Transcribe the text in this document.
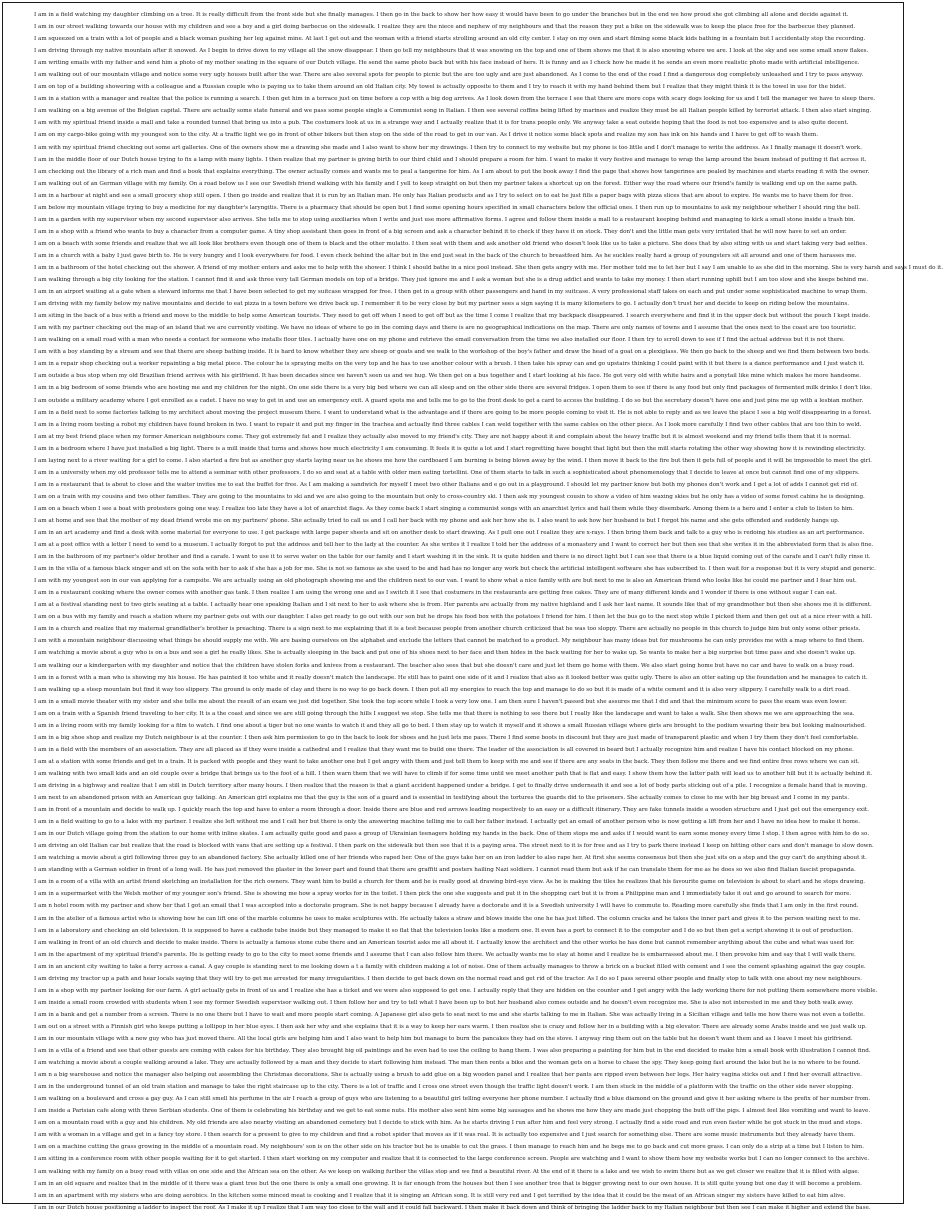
I am in a field watching my daughter climbing on a tree. It is really difficult from the front side but she finally manages. I then go in the back to show her how easy it would have been to go under the branches but in the end we how proud she got climbing all alone and decide against it.
I am in our street walking towards our house with my children and see a boy and a girl doing barbecue on the sidewalk. I realize they are the niece and nephew of my neighbours and that the reason they put a bike on the sidewalk was to keep the place free for the barbecue they planned.
I am squeezed on a train with a lot of people and a black woman pushing her leg against mine. At last I get out and the woman with a friend starts strolling around an old city center. I stay on my own and start filming some black kids bathing in a fountain but I accidentally stop the recording.
I am driving through my native mountain after it snowed. As I begin to drive down to my village all the snow disappear. I then go tell my neighbours that it was snowing on the top and one of them shows me that it is also snowing where we are. I look at the sky and see some small snow flakes.
I am writing emails with my father and send him a photo of my mother seating in the square of our Dutch village. He send the same photo back but with his face instead of hers. It is funny and as I check how he made it he sends an even more realistic photo made with artificial intelligence.
I am walking out of our mountain village and notice some very ugly houses built after the war. There are also several spots for people to picnic but the are too ugly and are just abandoned. As I come to the end of the road I find a dangerous dog completely unleashed and I try to pass anyway.
I am on top of a building showering with a colleague and a Russian couple who is paying us to take them around an old Italian city. My towel is actually opposite to them and I try to reach it with my hand behind them but I realize that they might think it is the towel in use for the bidet.
I am in a station with a manager and realize that the police is running a search. I then get him in a terrace just on time before a cop with a big dog arrives. As I look down from the terrace I see that there are more cops with scary dogs looking for us and I tell the manager we have to sleep there.
I am walking on a big avenue of the Belgian capital. There are actually some state funeral and we pass some people single a Communist song in Italian. I then see several coffins being lifted by marines and realize they must be all Italian people killed by terrorist attack. I then also start singing.
I am with my spiritual friend inside a mall and take a rounded tunnel that bring us into a pub. The costumers look at us in a strange way and I actually realize that it is for trans people only. We anyway take a seat outside hoping that the food is not too expensive and is also quite decent.
I am on my cargo-bike going with my youngest son to the city. At a traffic light we go in front of other bikers but then stop on the side of the road to get in our van. As I drive it notice some black spots and realize my son has ink on his hands and I have to get off to wash them.
I am with my spiritual friend checking out some art galleries. One of the owners show me a drawing she made and I also want to show her my drawings. I then try to connect to my website but my phone is too little and I don't manage to write the address. As I finally manage it doesn't work.
I am in the middle floor of our Dutch house trying to fix a lamp with many lights. I then realize that my partner is giving birth to our third child and I should prepare a room for him. I want to make it very festive and manage to wrap the lamp around the beam instead of putting it flat across it.
I am checking out the library of a rich man and find a book that explains everything. The owner actually comes and wants me to peal a tangerine for him. As I am about to put the book away I find the page that shows how tangerines are pealed by machines and starts reading it with the owner.
I am walking out of an German village with my family. On a road below us I see our Swedish friend walking with his family and I yell to keep straight on but then my partner takes a shortcut up on the forest. Either way the road where our friend's family is walking end up on the same path.
I am in a harbour at night and see a small grocery shop still open. I then go inside and realize that it is run by an Italian man. He only has Italian products and as I try to select on to eat he just fills a paper bags with pizza slices that are about to expire. He wants me to have them for free.
I am below my mountain village trying to buy a medicine for my daughter's laryngitis. There is a pharmacy that should be open but I find some opening hours specified in small characters below the official ones. I then run up to mountains to ask my neighbour whether I should ring the bell.
I am in a garden with my supervisor when my second supervisor also arrives. She tells me to stop using auxiliaries when I write and just use more affirmative forms. I agree and follow them inside a mall to a restaurant keeping behind and managing to kick a small stone inside a trash bin.
I am in a shop with a friend who wants to buy a character from a computer game. A tiny shop assistant then goes in front of a big screen and ask a character behind it to check if they have it on stock. They don't and the little man gets very irritated that he will now have to set an order.
I am on a beach with some friends and realize that we all look like brothers even though one of them is black and the other mulatto. I then seat with them and ask another old friend who doesn't look like us to take a picture. She does that by also siting with us and start taking very bad selfies.
I am in a church with a baby I just gave birth to. He is very hungry and I look everywhere for food. I even check behind the altar but in the end just seat in the back of the church to breastfeed him. As he suckles really hard a group of youngsters sit all around and one of them harasses me.
I am in a bathroom of the hotel checking out the shower. A friend of my mother enters and asks me to help with the shower. I think I should bathe in a nice pool instead. She then gets angry with me. Her mother told me to let her but I say I am unable to as she did in the morning. She is very harsh and says I must do it.
I am walking through a big city looking for the station. I cannot find it and ask three very tall German models on top of a bridge. They just ignore me and I ask a woman but she is a drug addict and wants to take my money. I then start running uphill but I am too slow and she keeps behind me.
I am in an airport waiting at a gate when a steward informs me that I have been selected to get my suitcase wrapped for free. I then get in a group with other passengers and hand in my suitcase. A very professional staff takes on each and put under some sophisticated machine to wrap them.
I am driving with my family below my native mountains and decide to eat pizza in a town before we drive back up. I remember it to be very close by but my partner sees a sign saying it is many kilometers to go. I actually don't trust her and decide to keep on riding below the mountains.
I am siting in the back of a bus with a friend and move to the middle to help some American tourists. They need to get off when I need to get off but as the time I come I realize that my backpack disappeared. I search everywhere and find it in the upper deck but without the pouch I kept inside.
I am with my partner checking out the map of an island that we are currently visiting. We have no ideas of where to go in the coming days and there is are no geographical indications on the map. There are only names of towns and I assume that the ones next to the coast are too touristic.
I am walking on a small road with a man who needs a contact for someone who installs floor tiles. I actually have one on my phone and retrieve the email conversation from the time we also installed our floor. I then try to scroll down to see if I find the actual address but it is not there.
I am with a boy standing by a stream and see that there are sheep bathing inside. It is hard to know whether they are sheep or goats and we walk to the workshop of the boy's father and draw the head of a goat on a plexiglass. We then go back to the sheep and we find them between two beds.
I am in a repair shop checking out a worker repainting a big metal piece. The colour he is spraying melts on the very top and he has to use another colour with a brush. I then take his spray can and go upstairs thinking I could paint with it but there is a dance performance and I just watch it.
I am outside a bus stop when my old Brazilian friend arrives with his girlfriend. It has been decades since we haven't seen us and we hug. We then get on a bus together and I start looking at his face. He got very old with white hairs and a ponytail like mine which makes he more handsome.
I am in a big bedroom of some friends who are hosting me and my children for the night. On one side there is a very big bed where we can all sleep and on the other side there are several fridges. I open them to see if there is any food but only find packages of fermented milk drinks I don't like.
I am outside a military academy where I got enrolled as a cadet. I have no way to get in and use an emergency exit. A guard spots me and tells me to go to the front desk to get a card to access the building. I do so but the secretary doesn't have one and just pins me up with a lesbian mother.
I am in a field next to some factories talking to my architect about moving the project museum there. I want to understand what is the advantage and if there are going to be more people coming to visit it. He is not able to reply and as we leave the place I see a big wolf disappearing in a forest.
I am in a living room testing a robot my children have found broken in two. I want to repair it and put my finger in the trachea and actually find three cables I can weld together with the same cables on the other piece. As I look more carefully I find two other cables that are too thin to weld.
I am at my best friend place when my former American neighbours come. They got extremely fat and I realize they actually also moved to my friend's city. They are not happy about it and complain about the heavy traffic but it is almost weekend and my friend tells them that it is normal.
I am in a bedroom where I have just installed a big light. There is a mill inside that turns and shows how much electricity I am consuming. It feels it is quite a lot and I start regretting have bought that light but then the mill starts rotating the other way showing how it is rewinding electricity.
I am laying next to a river waiting for a girl to come. I also started a fire but as another guy starts laying near us he shows me how the cardboard I am burning is being blown away by the wind. I then move it back to the fire but then it gets full of people and it will be impossible to meet the girl.
I am in a university when my old professor tells me to attend a seminar with other professors. I do so and seat at a table with older men eating tortellini. One of them starts to talk in such a sophisticated about phenomenology that I decide to leave at once but cannot find one of my slippers.
I am in a restaurant that is about to close and the waiter invites me to eat the buffet for free. As I am making a sandwich for myself I meet two other Italians and e go out in a playground. I should let my partner know but both my phones don't work and I get a lot of adds I cannot get rid of.
I am on a train with my cousins and two other families. They are going to the mountains to ski and we are also going to the mountain but only to cross-country ski. I then ask my youngest cousin to show a video of him waxing skies but he only has a video of some forest cabins he is designing.
I am on a beach when I see a boat with protesters going one way. I realize too late they have a lot of anarchist flags. As they come back I start singing a communist songs with an anarchist lyrics and hail them while they disembark. Among them is a hero and I enter a club to listen to him.
I am at home and see that the mother of my dead friend wrote me on my partners' phone. She actually tried to call us and I call her back with my phone and ask her how she is. I also want to ask how her husband is but I forgot his name and she gets offended and suddenly hangs up.
I am in an art academy and find a desk with some material for everyone to use. I get package with large paper sheets and sit on another desk to start drawing. As I pull one out I realize they are x-rays. I then bring them back and talk to a guy who is redoing his studies as an art performance.
I am at a post office with a letter I need to send to a museum. I actually forgot to put the address and tell her to the lady at the counter. As she writes it I realize I told her the address of a monastery and I want to correct her but then see that she writes it in the abbreviated form that is also fine.
I am in the bathroom of my partner's older brother and find a carafe. I want to use it to serve water on the table for our family and I start washing it in the sink. It is quite hidden and there is no direct light but I can see that there is a blue liquid coming out of the carafe and I can't fully rinse it.
I am in the villa of a famous black singer and sit on the sofa with her to ask if she has a job for me. She is not so famous as she used to be and had has no longer any work but check the artificial intelligent software she has subscribed to. I then wait for a response but it is very stupid and generic.
I am with my youngest son in our van applying for a campsite. We are actually using an old photograph showing me and the children next to our van. I want to show what a nice family with are but next to me is also an American friend who looks like he could me partner and I fear him out.
I am in a restaurant cooking where the owner comes with another gas tank. I then realize I am using the wrong one and as I switch it I see that costumers in the restaurants are getting free cakes. They are of many different kinds and I wonder if there is one without sugar I can eat.
I am at a festival standing next to two girls seating at a table. I actually hear one speaking Italian and I sit next to her to ask where she is from. Her parents are actually from my native highland and I ask her last name. It sounds like that of my grandmother but then she shows me it is different.
I am on a bus with my family and reach a station where my partner gets out with our daughter. I also get ready to go out with our son but he drops his food box with the potatoes I friend for him. I then let the bus go to the next stop while I picked them and then get out at a nice river with a hill.
I am in a church and realize that my maternal grandfather's brother is preaching. There is a sign next to me explaining that it is a test because people from another church criticized that he was too sloppy. There are actually no people in this church to judge him but only some other priests.
I am with a mountain neighbour discussing what things he should supply me with. We are basing ourselves on the alphabet and exclude the letters that cannot be matched to a product. My neighbour has many ideas but for mushrooms he can only provides me with a map where to find them.
I am watching a movie about a guy who is on a bus and see a girl he really likes. She is actually sleeping in the back and put one of his shoes next to her face and then hides in the back waiting for her to wake up. Se wants to make her a big surprise but time pass and she doesn't wake up.
I am walking our a kindergarten with my daughter and notice that the children have stolen forks and knives from a restaurant. The teacher also sees that but she doesn't care and just let them go home with them. We also start going home but have no car and have to walk on a busy road.
I am in a forest with a man who is showing my his house. He has painted it too white and it really doesn't match the landscape. He still has to paint one side of it and I realize that also as it looked better was quite ugly. There is also an otter eating up the foundation and he manages to catch it.
I am walking up a steep mountain but find it way too slippery. The ground is only made of clay and there is no way to go back down. I then put all my energies to reach the top and manage to do so but it is made of a white cement and it is also very slippery. I carefully walk to a dirt road.
I am in a small movie theater with my sister and she tells me about the result of an exam we just did together. She took the top score while I took a very low one. I am then sure I haven't passed but she assures me that I did and that the minimum score to pass the exam was even lower.
I am on a train with a Spanish friend traveling to her city. It is a the coast and since we are still going through the hills I suggest we stop. She tells me that there is nothing to see there but I really like the landscape and want to take a walk. She then shows me we are approaching the sea.
I am in a living room with my family looking for a film to watch. I find one about a tiger but no one wants to watch it and they all go to bed. I then stay up to watch it myself and it shows a small Russian village where girls are brought to the podium wearing their bra but looking malnourished.
I am in a big shoe shop and realize my Dutch neighbour is at the counter. I then ask him permission to go in the back to look for shoes and he just lets me pass. There I find some boots in discount but they are just made of transparent plastic and when I try them they don't feel comfortable.
I am in a field with the members of an association. They are all placed as if they were inside a cathedral and I realize that they want me to build one there. The leader of the association is all covered in beard but I actually recognize him and realize I have his contact blocked on my phone.
I am at a station with some friends and get in a train. It is packed with people and they want to take another one but I get angry with them and just tell them to keep with me and see if there are any seats in the back. They then follow me there and we find entire free rows where we can sit.
I am walking with two small kids and an old couple over a bridge that brings us to the foot of a hill. I then warn them that we will have to climb if for some time until we meet another path that is flat and easy. I show them how the latter path will lead us to another hill but it is actually behind it.
I am driving in a highway and realize that I am still in Dutch territory after many hours. I then realize that the reason is that a giant accident happened under a bridge. I get to finally drive underneath it and see a lot of body parts sticking out of a pile. I recognize a female hand that is moving.
I am next to an abandoned prison with an American guy talking. An American girl explains me that the guy is the son of a guard and is essential in testifying about the tortures the guards did to the prisoners. She actually comes to close to me with her big breast and I come in my pants.
I am in front of a mountain and decide to walk up. I quickly reach the top and have to enter a room through a door. Inside there are blue and red arrows leading respectively to an easy or a difficult itinerary. They are fake tunnels inside a wooden structure and I just get out the emergency exit.
I am in a field waiting to go to a lake with my partner. I realize she left without me and I call her but there is only the answering machine telling me to call her father instead. I actually get an email of another person who is now getting a lift from her and I have no idea how to make it home.
I am in our Dutch village going from the station to our home with inline skates. I am actually quite good and pass a group of Ukrainian teenagers holding my hands in the back. One of them stops me and asks if I would want to earn some money every time I stop. I then agree with him to do so.
I am driving an old Italian car but realize that the road is blocked with vans that are setting up a festival. I then park on the sidewalk but then see that it is a paying area. The street next to it is for free and as I try to park there instead I keep on hitting other cars and don't manage to slow down.
I am watching a movie about a girl following three guy to an abandoned factory. She actually killed one of her friends who raped her. One of the guys take her on an iron ladder to also rape her. At first she seems consensus but then she just sits on a step and the guy can't do anything about it.
I am standing with a German soldier in front of a long wall. He has just removed the plaster in the lower part and found that there are graffiti and posters hailing Nazi soldiers. I cannot read them but ask if he can translate them for me as he does so we also find Italian fascist propaganda.
I am in a room of a villa with an artist friend sketching an installation for the rich owners. They want him to build a church for them and he is really good at drawing bird-eye view. As he is making the tiles he realizes that his favourite game on television is about to start and he stops drawing.
I am in a supermarket with the Welsh mother of my younger son's friend. She is showing me how a spray works for in the toilet. I then pick the one she suggests and put it in the shopping cart but it is from a Philippine man and I immediately take it out and go around to search for more.
I am n hotel room with my partner and show her that I got an email that I was accepted into a doctorate program. She is not happy because I already have a doctorate and it is a Swedish university I will have to commute to. Reading more carefully she finds that I am only in the first round.
I am in the atelier of a famous artist who is showing how he can lift one of the marble columns he uses to make sculptures with. He actually takes a straw and blows inside the one he has just lifted. The column cracks and he takes the inner part and gives it to the person waiting next to me.
I am in a laboratory and checking an old television. It is supposed to have a cathode tube inside but they managed to make it so flat that the television looks like a modern one. It even has a port to connect it to the computer and I do so but then get a script showing it is out of production.
I am walking in front of an old church and decide to make inside. There is actually a famous stone cube there and an American tourist asks me all about it. I actually know the architect and the other works he has done but cannot remember anything about the cube and what was used for.
I am in the apartment of my spiritual friend's parents. He is getting ready to go to the city to meet some friends and I assume that I can also follow him there. We actually wants me to stay at home and I realize he is embarrassed about me. I then provoke him and say that I will walk there.
I am in an ancient city waiting to take a ferry across a canal. A gay couple is standing next to me looking down a t a family with children making a lot of noise. One of them actually manages to throw a brick on a bucket filled with cement and I see the cement splashing against the gay couple.
I am driving my tractor up a path and hear locals saying that they will try to get me arrested for many irregularities. I then decide to get back down on the normal road and get rid of the tractor. As I do so I pass several other people and finally stop to talk with one about my new neighbours.
I am in a shop with my partner looking for our farm. A girl actually gets in front of us and I realize she has a ticket and we were also supposed to get one. I actually reply that they are hidden on the counter and I get angry with the lady working there for not putting them somewhere more visible.
I am inside a small room crowded with students when I see my former Swedish supervisor walking out. I then follow her and try to tell what I have been up to but her husband also comes outside and he doesn't even recognize me. She is also not interested in me and they both walk away.
I am in a bank and get a number from a screen. There is no one there but I have to wait and more people start coming. A Japanese girl also gets to seat next to me and she starts talking to me in Italian. She was actually living in a Sicilian village and tells me how there was not even a toilette.
I am out on a street with a Finnish girl who keeps putting a lollipop in her blue eyes. I then ask her why and she explains that it is a way to keep her ears warm. I then realize she is crazy and follow her in a building with a big elevator. There are already some Arabs inside and we just walk up.
I am in our mountain village with a new guy who has just moved there. All the local girls are helping him and I also want to help him but manage to burn the pancakes they had on the stove. I anyway ring them out on the table but he doesn't want them and as I leave I meet his girlfriend.
I am in a villa of a friend and see that other guests are coming with cakes for his birthday. They also brought big oil paintings and he even had to use the ceiling to hang them. I was also preparing a painting for him but in the end decided to make him a small book with illustration I cannot find.
I am watching a movie about a couple walking around a lake. They are actually followed by a man and they decide to start following him instead. The man then rents a bike and the woman gets on a horse to chase the spy. They keep going fast around the lake but he is no where to be found.
I am n a big warehouse and notice the manager also helping out assembling the Christmas decorations. She is actually using a brush to add glue on a big wooden panel and I realize that her pants are ripped even between her legs. Her hairy vagina sticks out and I find her overall attractive.
I am in the underground tunnel of an old train station and manage to take the right staircase up to the city. There is a lot of traffic and I cross one street even though the traffic light doesn't work. I am then stuck in the middle of a platform with the traffic on the other side never stopping.
I am walking on a boulevard and cross a gay guy. As I can still smell his perfume in the air I reach a group of guys who are listening to a beautiful girl telling everyone her phone number. I actually find a blue diamond on the ground and give it her asking where is the prefix of her number from.
I am inside a Parisian cafe along with three Serbian students. One of them is celebrating his birthday and we get to eat some nuts. His mother also sent him some big sausages and he shows me how they are made just chopping the butt off the pigs. I almost feel like vomiting and want to leave.
I am on a mountain road with a guy and his children. My old friends are also nearby visiting an abandoned cemetery but I decide to stick with him. As he starts driving I run after him and feel very strong. I actually find a side road and run even faster while he got stuck in the mud and stops.
I am with a woman in a village and get in a fancy toy store. I then search for a present to give to my children and find a robot spider that moves as if it was real. It is actually too expensive and I just search for something else. There are some music instruments but they already have them.
I am on a machine cutting the grass growing in the middle of a mountain road. My neighbours' son is on the other side on his tractor but he is unable to cut the grass. I then manage to reach him and he begs me to go back and cut more grass. I can only do a strip at a time but I listen to him.
I am sitting in a conference room with other people waiting for it to get started. I then start working on my computer and realize that it is connected to the large conference screen. People are watching and I want to show them how my website works but I can no longer connect to the archive.
I am walking with my family on a busy road with villas on one side and the African sea on the other. As we keep on walking further the villas stop and we find a beautiful river. At the end of it there is a lake and we wish to swim there but as we get closer we realize that it is filled with algae.
I am in an old square and realize that in the middle of it there was a giant tree but the one there is only a small one growing. It is far enough from the houses but then I see another tree that is bigger growing next to our own house. It is still quite young but one day it will become a problem.
I am in an apartment with my sisters who are doing aerobics. In the kitchen some minced meat is cooking and I realize that it is singing an African song. It is still very red and I get terrified by the idea that it could be the meat of an African singer my sisters have killed to eat him alive.
I am in our Dutch house positioning a ladder to inspect the roof. As I make it up I realize that I am way too close to the wall and it could fall backward. I then make it back down and think of bringing the ladder back to my Italian neighbour but then see I can make it higher and extend the base.
